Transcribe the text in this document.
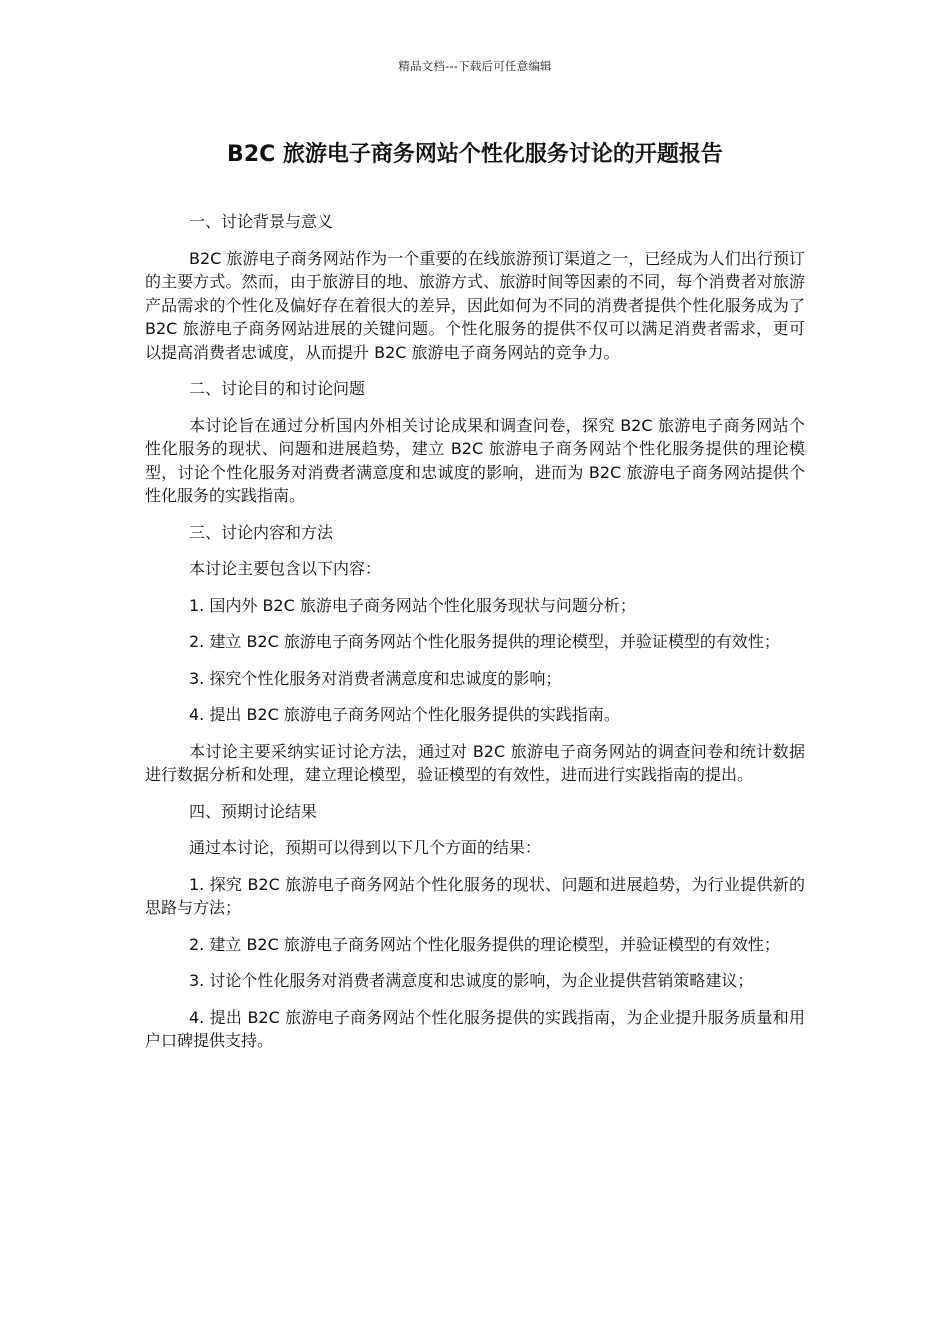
精品文档---下载后可任意编辑
B2C 旅游电子商务网站个性化服务讨论的开题报告

一、讨论背景与意义

B2C 旅游电子商务网站作为一个重要的在线旅游预订渠道之一，已经成为人们出行预订的主要方式。然而，由于旅游目的地、旅游方式、旅游时间等因素的不同，每个消费者对旅游产品需求的个性化及偏好存在着很大的差异，因此如何为不同的消费者提供个性化服务成为了 B2C 旅游电子商务网站进展的关键问题。个性化服务的提供不仅可以满足消费者需求，更可以提高消费者忠诚度，从而提升 B2C 旅游电子商务网站的竞争力。

二、讨论目的和讨论问题

本讨论旨在通过分析国内外相关讨论成果和调查问卷，探究 B2C 旅游电子商务网站个性化服务的现状、问题和进展趋势，建立 B2C 旅游电子商务网站个性化服务提供的理论模型，讨论个性化服务对消费者满意度和忠诚度的影响，进而为 B2C 旅游电子商务网站提供个性化服务的实践指南。

三、讨论内容和方法

本讨论主要包含以下内容：

1. 国内外 B2C 旅游电子商务网站个性化服务现状与问题分析；

2. 建立 B2C 旅游电子商务网站个性化服务提供的理论模型，并验证模型的有效性；

3. 探究个性化服务对消费者满意度和忠诚度的影响；

4. 提出 B2C 旅游电子商务网站个性化服务提供的实践指南。

本讨论主要采纳实证讨论方法，通过对 B2C 旅游电子商务网站的调查问卷和统计数据进行数据分析和处理，建立理论模型，验证模型的有效性，进而进行实践指南的提出。

四、预期讨论结果

通过本讨论，预期可以得到以下几个方面的结果：

1. 探究 B2C 旅游电子商务网站个性化服务的现状、问题和进展趋势，为行业提供新的思路与方法；

2. 建立 B2C 旅游电子商务网站个性化服务提供的理论模型，并验证模型的有效性；

3. 讨论个性化服务对消费者满意度和忠诚度的影响，为企业提供营销策略建议；

4. 提出 B2C 旅游电子商务网站个性化服务提供的实践指南，为企业提升服务质量和用户口碑提供支持。
